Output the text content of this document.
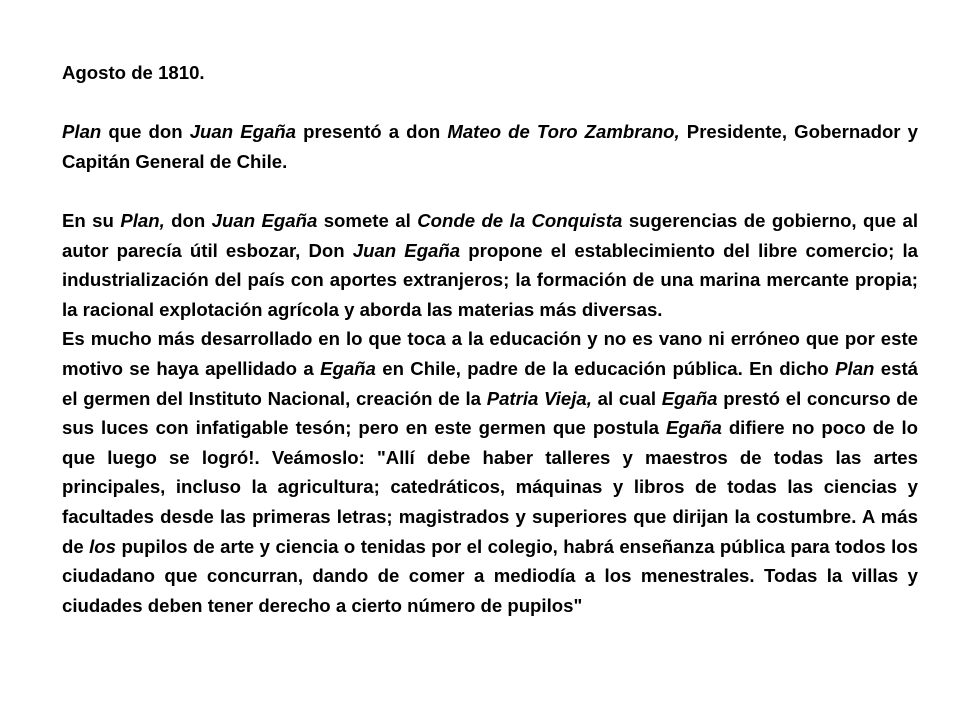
Agosto de 1810.

Plan que don Juan Egaña presentó a don Mateo de Toro Zambrano, Presidente, Gobernador y Capitán General de Chile.

En su Plan, don Juan Egaña somete al Conde de la Conquista sugerencias de gobierno, que al autor parecía útil esbozar, Don Juan Egaña propone el establecimiento del libre comercio; la industrialización del país con aportes extranjeros; la formación de una marina mercante propia; la racional explotación agrícola y aborda las materias más diversas.

Es mucho más desarrollado en lo que toca a la educación y no es vano ni erróneo que por este motivo se haya apellidado a Egaña en Chile, padre de la educación pública. En dicho Plan está el germen del Instituto Nacional, creación de la Patria Vieja, al cual Egaña prestó el concurso de sus luces con infatigable tesón; pero en este germen que postula Egaña difiere no poco de lo que luego se logró!. Veámoslo: "Allí debe haber talleres y maestros de todas las artes principales, incluso la agricultura; catedráticos, máquinas y libros de todas las ciencias y facultades desde las primeras letras; magistrados y superiores que dirijan la costumbre. A más de los pupilos de arte y ciencia o tenidas por el colegio, habrá enseñanza pública para todos los ciudadano que concurran, dando de comer a mediodía a los menestrales. Todas la villas y ciudades deben tener derecho a cierto número de pupilos"
